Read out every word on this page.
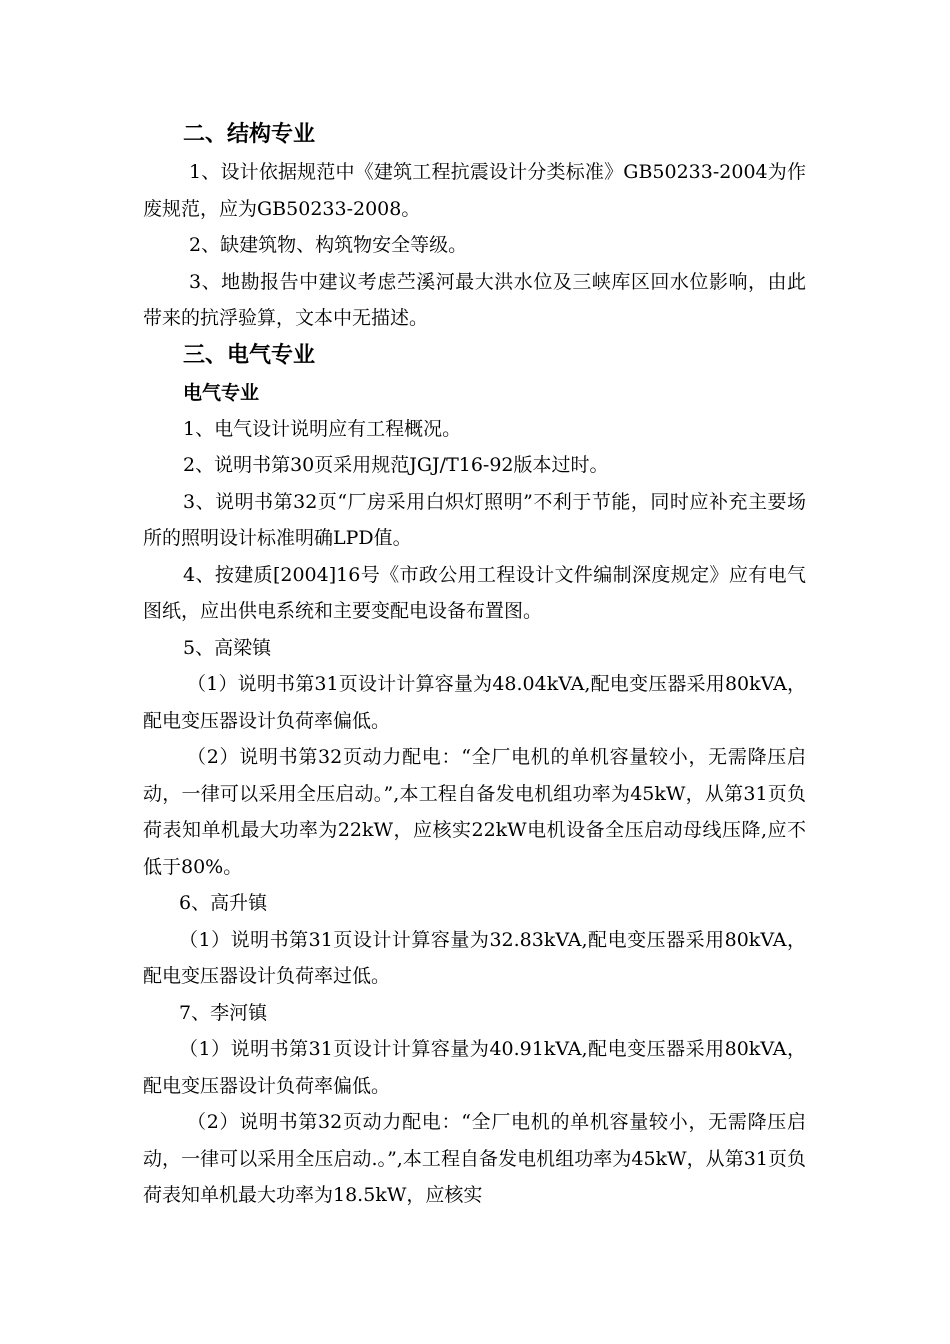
二、结构专业

1、设计依据规范中《建筑工程抗震设计分类标准》GB50233-2004为作废规范，应为GB50233-2008。

2、缺建筑物、构筑物安全等级。

3、地勘报告中建议考虑苎溪河最大洪水位及三峡库区回水位影响，由此带来的抗浮验算，文本中无描述。

三、电气专业
电气专业

1、电气设计说明应有工程概况。

2、说明书第30页采用规范JGJ/T16-92版本过时。

3、说明书第32页“厂房采用白炽灯照明”不利于节能，同时应补充主要场所的照明设计标准明确LPD值。

4、按建质[2004]16号《市政公用工程设计文件编制深度规定》应有电气图纸，应出供电系统和主要变配电设备布置图。

5、高梁镇

（1）说明书第31页设计计算容量为48.04kVA,配电变压器采用80kVA，配电变压器设计负荷率偏低。

（2）说明书第32页动力配电：“全厂电机的单机容量较小，无需降压启动，一律可以采用全压启动。”,本工程自备发电机组功率为45kW，从第31页负荷表知单机最大功率为22kW，应核实22kW电机设备全压启动母线压降,应不低于80%。

6、高升镇

（1）说明书第31页设计计算容量为32.83kVA,配电变压器采用80kVA，配电变压器设计负荷率过低。

7、李河镇

（1）说明书第31页设计计算容量为40.91kVA,配电变压器采用80kVA，配电变压器设计负荷率偏低。

（2）说明书第32页动力配电：“全厂电机的单机容量较小，无需降压启动，一律可以采用全压启动.。”,本工程自备发电机组功率为45kW，从第31页负荷表知单机最大功率为18.5kW，应核实
